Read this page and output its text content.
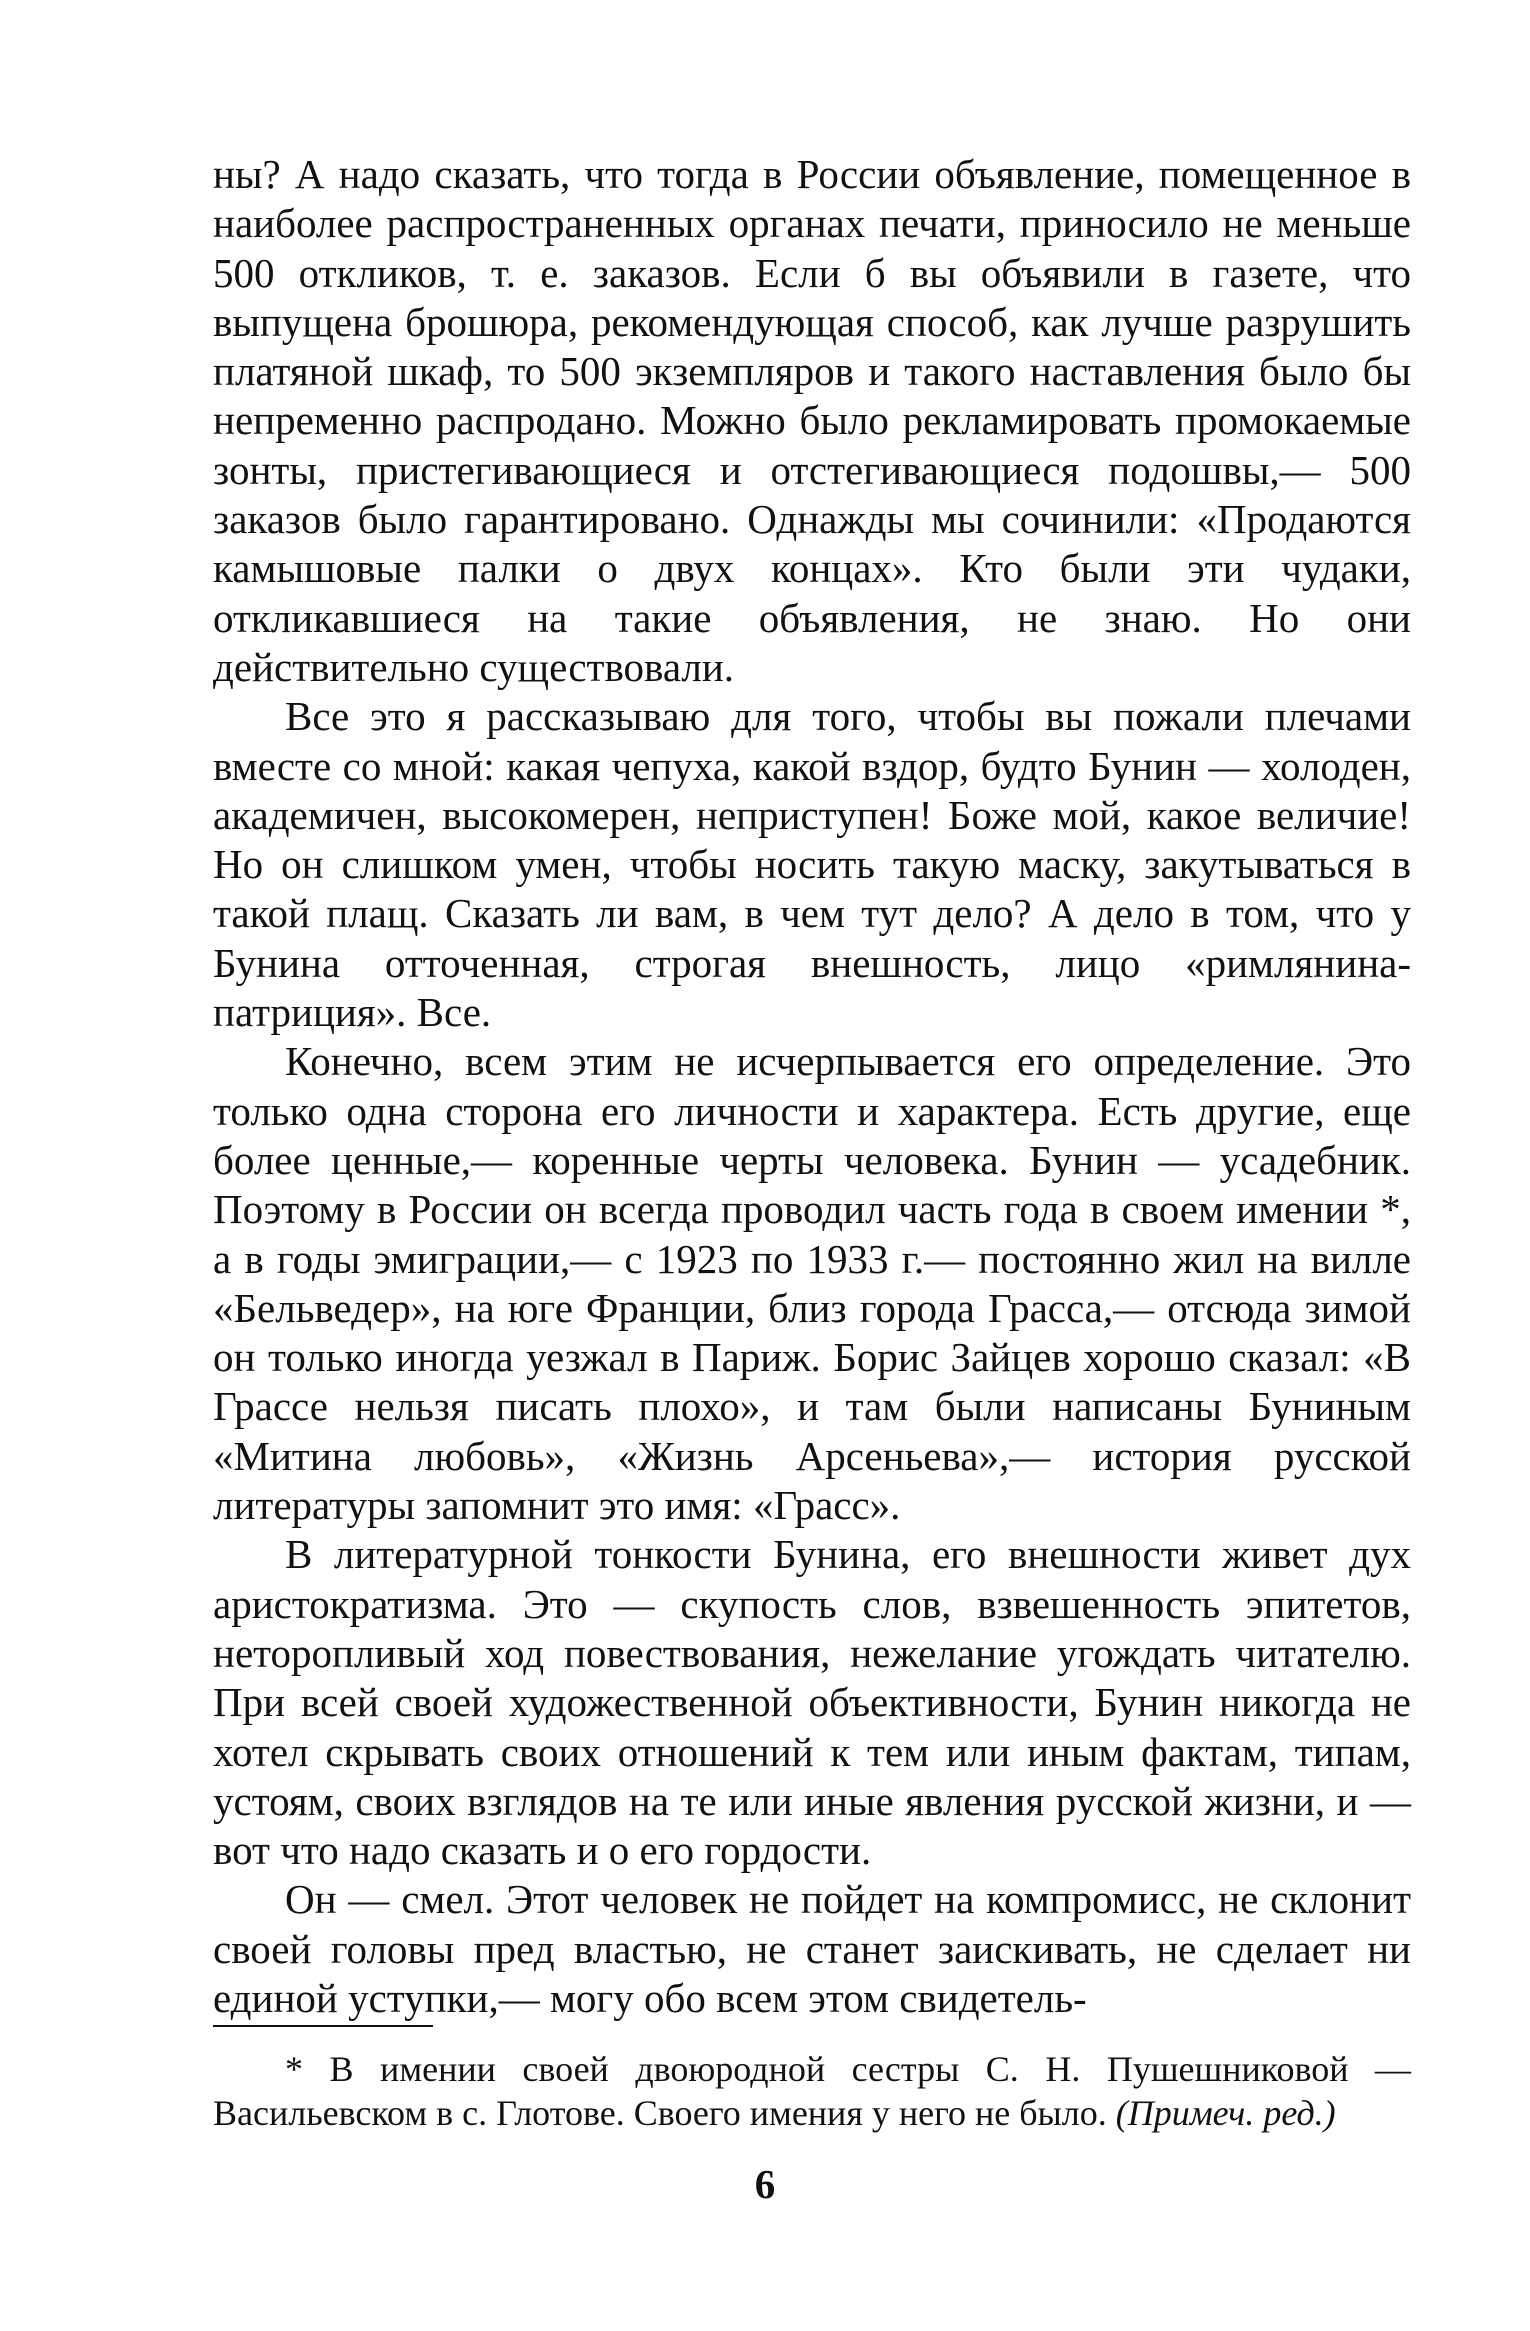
ны? А надо сказать, что тогда в России объявление, помещенное в наиболее распространенных органах печати, приносило не меньше 500 откликов, т. е. заказов. Если б вы объявили в газете, что выпущена брошюра, рекомендующая способ, как лучше разрушить платяной шкаф, то 500 экземпляров и такого наставления было бы непременно распродано. Можно было рекламировать промокаемые зонты, пристегивающиеся и отстегивающиеся подошвы,— 500 заказов было гарантировано. Однажды мы сочинили: «Продаются камышовые палки о двух концах». Кто были эти чудаки, откликавшиеся на такие объявления, не знаю. Но они действительно существовали.

Все это я рассказываю для того, чтобы вы пожали плечами вместе со мной: какая чепуха, какой вздор, будто Бунин — холоден, академичен, высокомерен, неприступен! Боже мой, какое величие! Но он слишком умен, чтобы носить такую маску, закутываться в такой плащ. Сказать ли вам, в чем тут дело? А дело в том, что у Бунина отточенная, строгая внешность, лицо «римлянина-патриция». Все.

Конечно, всем этим не исчерпывается его определение. Это только одна сторона его личности и характера. Есть другие, еще более ценные,— коренные черты человека. Бунин — усадебник. Поэтому в России он всегда проводил часть года в своем имении *, а в годы эмиграции,— с 1923 по 1933 г.— постоянно жил на вилле «Бельведер», на юге Франции, близ города Грасса,— отсюда зимой он только иногда уезжал в Париж. Борис Зайцев хорошо сказал: «В Грассе нельзя писать плохо», и там были написаны Буниным «Митина любовь», «Жизнь Арсеньева»,— история русской литературы запомнит это имя: «Грасс».

В литературной тонкости Бунина, его внешности живет дух аристократизма. Это — скупость слов, взвешенность эпитетов, неторопливый ход повествования, нежелание угождать читателю. При всей своей художественной объективности, Бунин никогда не хотел скрывать своих отношений к тем или иным фактам, типам, устоям, своих взглядов на те или иные явления русской жизни, и — вот что надо сказать и о его гордости.

Он — смел. Этот человек не пойдет на компромисс, не склонит своей головы пред властью, не станет заискивать, не сделает ни единой уступки,— могу обо всем этом свидетель-

* В имении своей двоюродной сестры С. Н. Пушешниковой — Васильевском в с. Глотове. Своего имения у него не было. (Примеч. ред.)

6
